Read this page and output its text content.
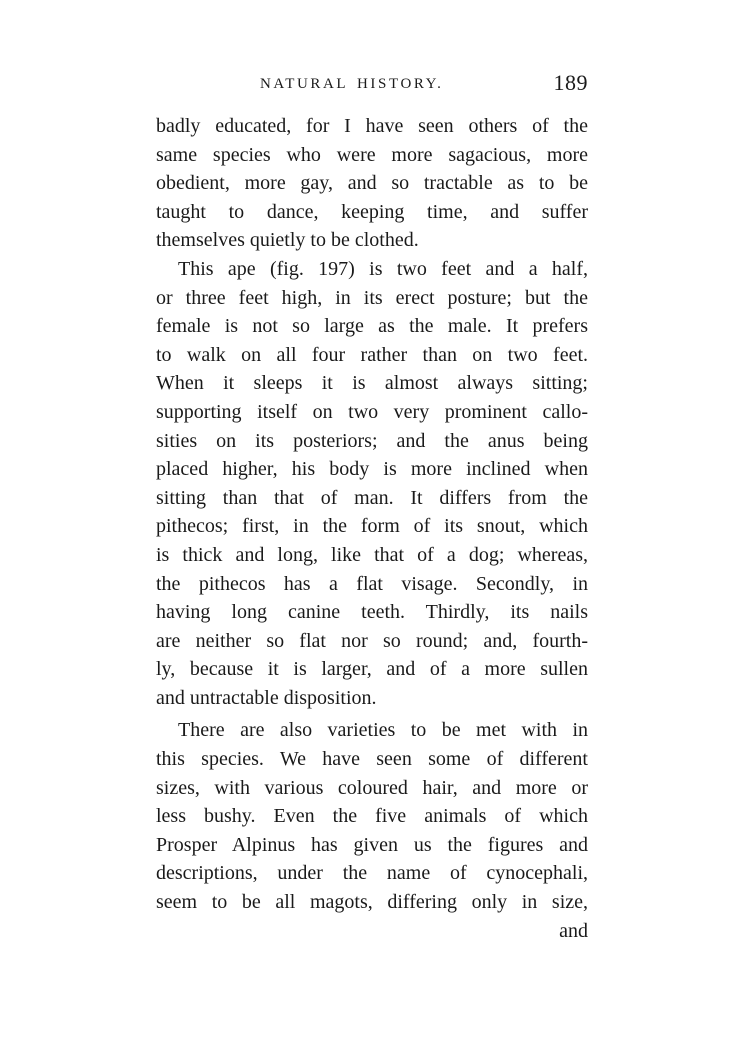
NATURAL HISTORY.	189
badly educated, for I have seen others of the
same species who were more sagacious, more
obedient, more gay, and so tractable as to be
taught to dance, keeping time, and suffer
themselves quietly to be clothed.
This ape (fig. 197) is two feet and a half,
or three feet high, in its erect posture; but the
female is not so large as the male. It prefers
to walk on all four rather than on two feet.
When it sleeps it is almost always sitting;
supporting itself on two very prominent callo-
sities on its posteriors; and the anus being
placed higher, his body is more inclined when
sitting than that of man. It differs from the
pithecos; first, in the form of its snout, which
is thick and long, like that of a dog; whereas,
the pithecos has a flat visage. Secondly, in
having long canine teeth. Thirdly, its nails
are neither so flat nor so round; and, fourth-
ly, because it is larger, and of a more sullen
and untractable disposition.
There are also varieties to be met with in
this species. We have seen some of different
sizes, with various coloured hair, and more or
less bushy. Even the five animals of which
Prosper Alpinus has given us the figures and
descriptions, under the name of cynocephali,
seem to be all magots, differing only in size,
and
